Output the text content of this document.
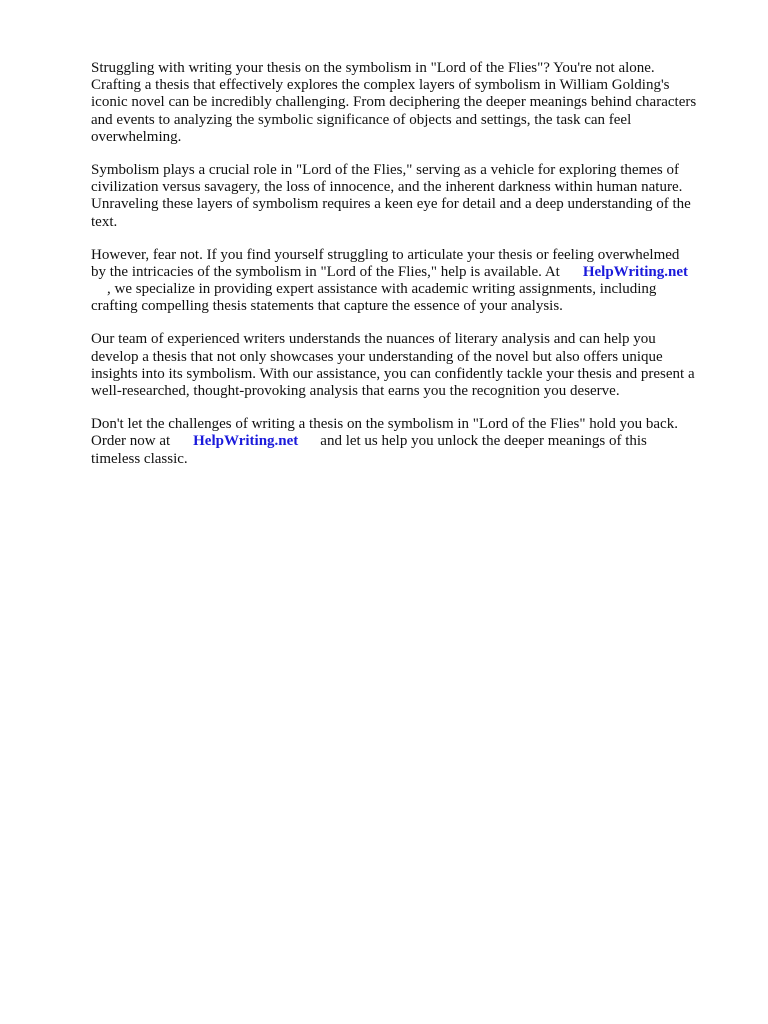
Struggling with writing your thesis on the symbolism in "Lord of the Flies"? You're not alone.
Crafting a thesis that effectively explores the complex layers of symbolism in William Golding's
iconic novel can be incredibly challenging. From deciphering the deeper meanings behind characters
and events to analyzing the symbolic significance of objects and settings, the task can feel
overwhelming.

Symbolism plays a crucial role in "Lord of the Flies," serving as a vehicle for exploring themes of
civilization versus savagery, the loss of innocence, and the inherent darkness within human nature.
Unraveling these layers of symbolism requires a keen eye for detail and a deep understanding of the
text.

However, fear not. If you find yourself struggling to articulate your thesis or feeling overwhelmed
by the intricacies of the symbolism in "Lord of the Flies," help is available. At HelpWriting.net
, we specialize in providing expert assistance with academic writing assignments, including
crafting compelling thesis statements that capture the essence of your analysis.

Our team of experienced writers understands the nuances of literary analysis and can help you
develop a thesis that not only showcases your understanding of the novel but also offers unique
insights into its symbolism. With our assistance, you can confidently tackle your thesis and present a
well-researched, thought-provoking analysis that earns you the recognition you deserve.

Don't let the challenges of writing a thesis on the symbolism in "Lord of the Flies" hold you back.
Order now at HelpWriting.net and let us help you unlock the deeper meanings of this
timeless classic.
